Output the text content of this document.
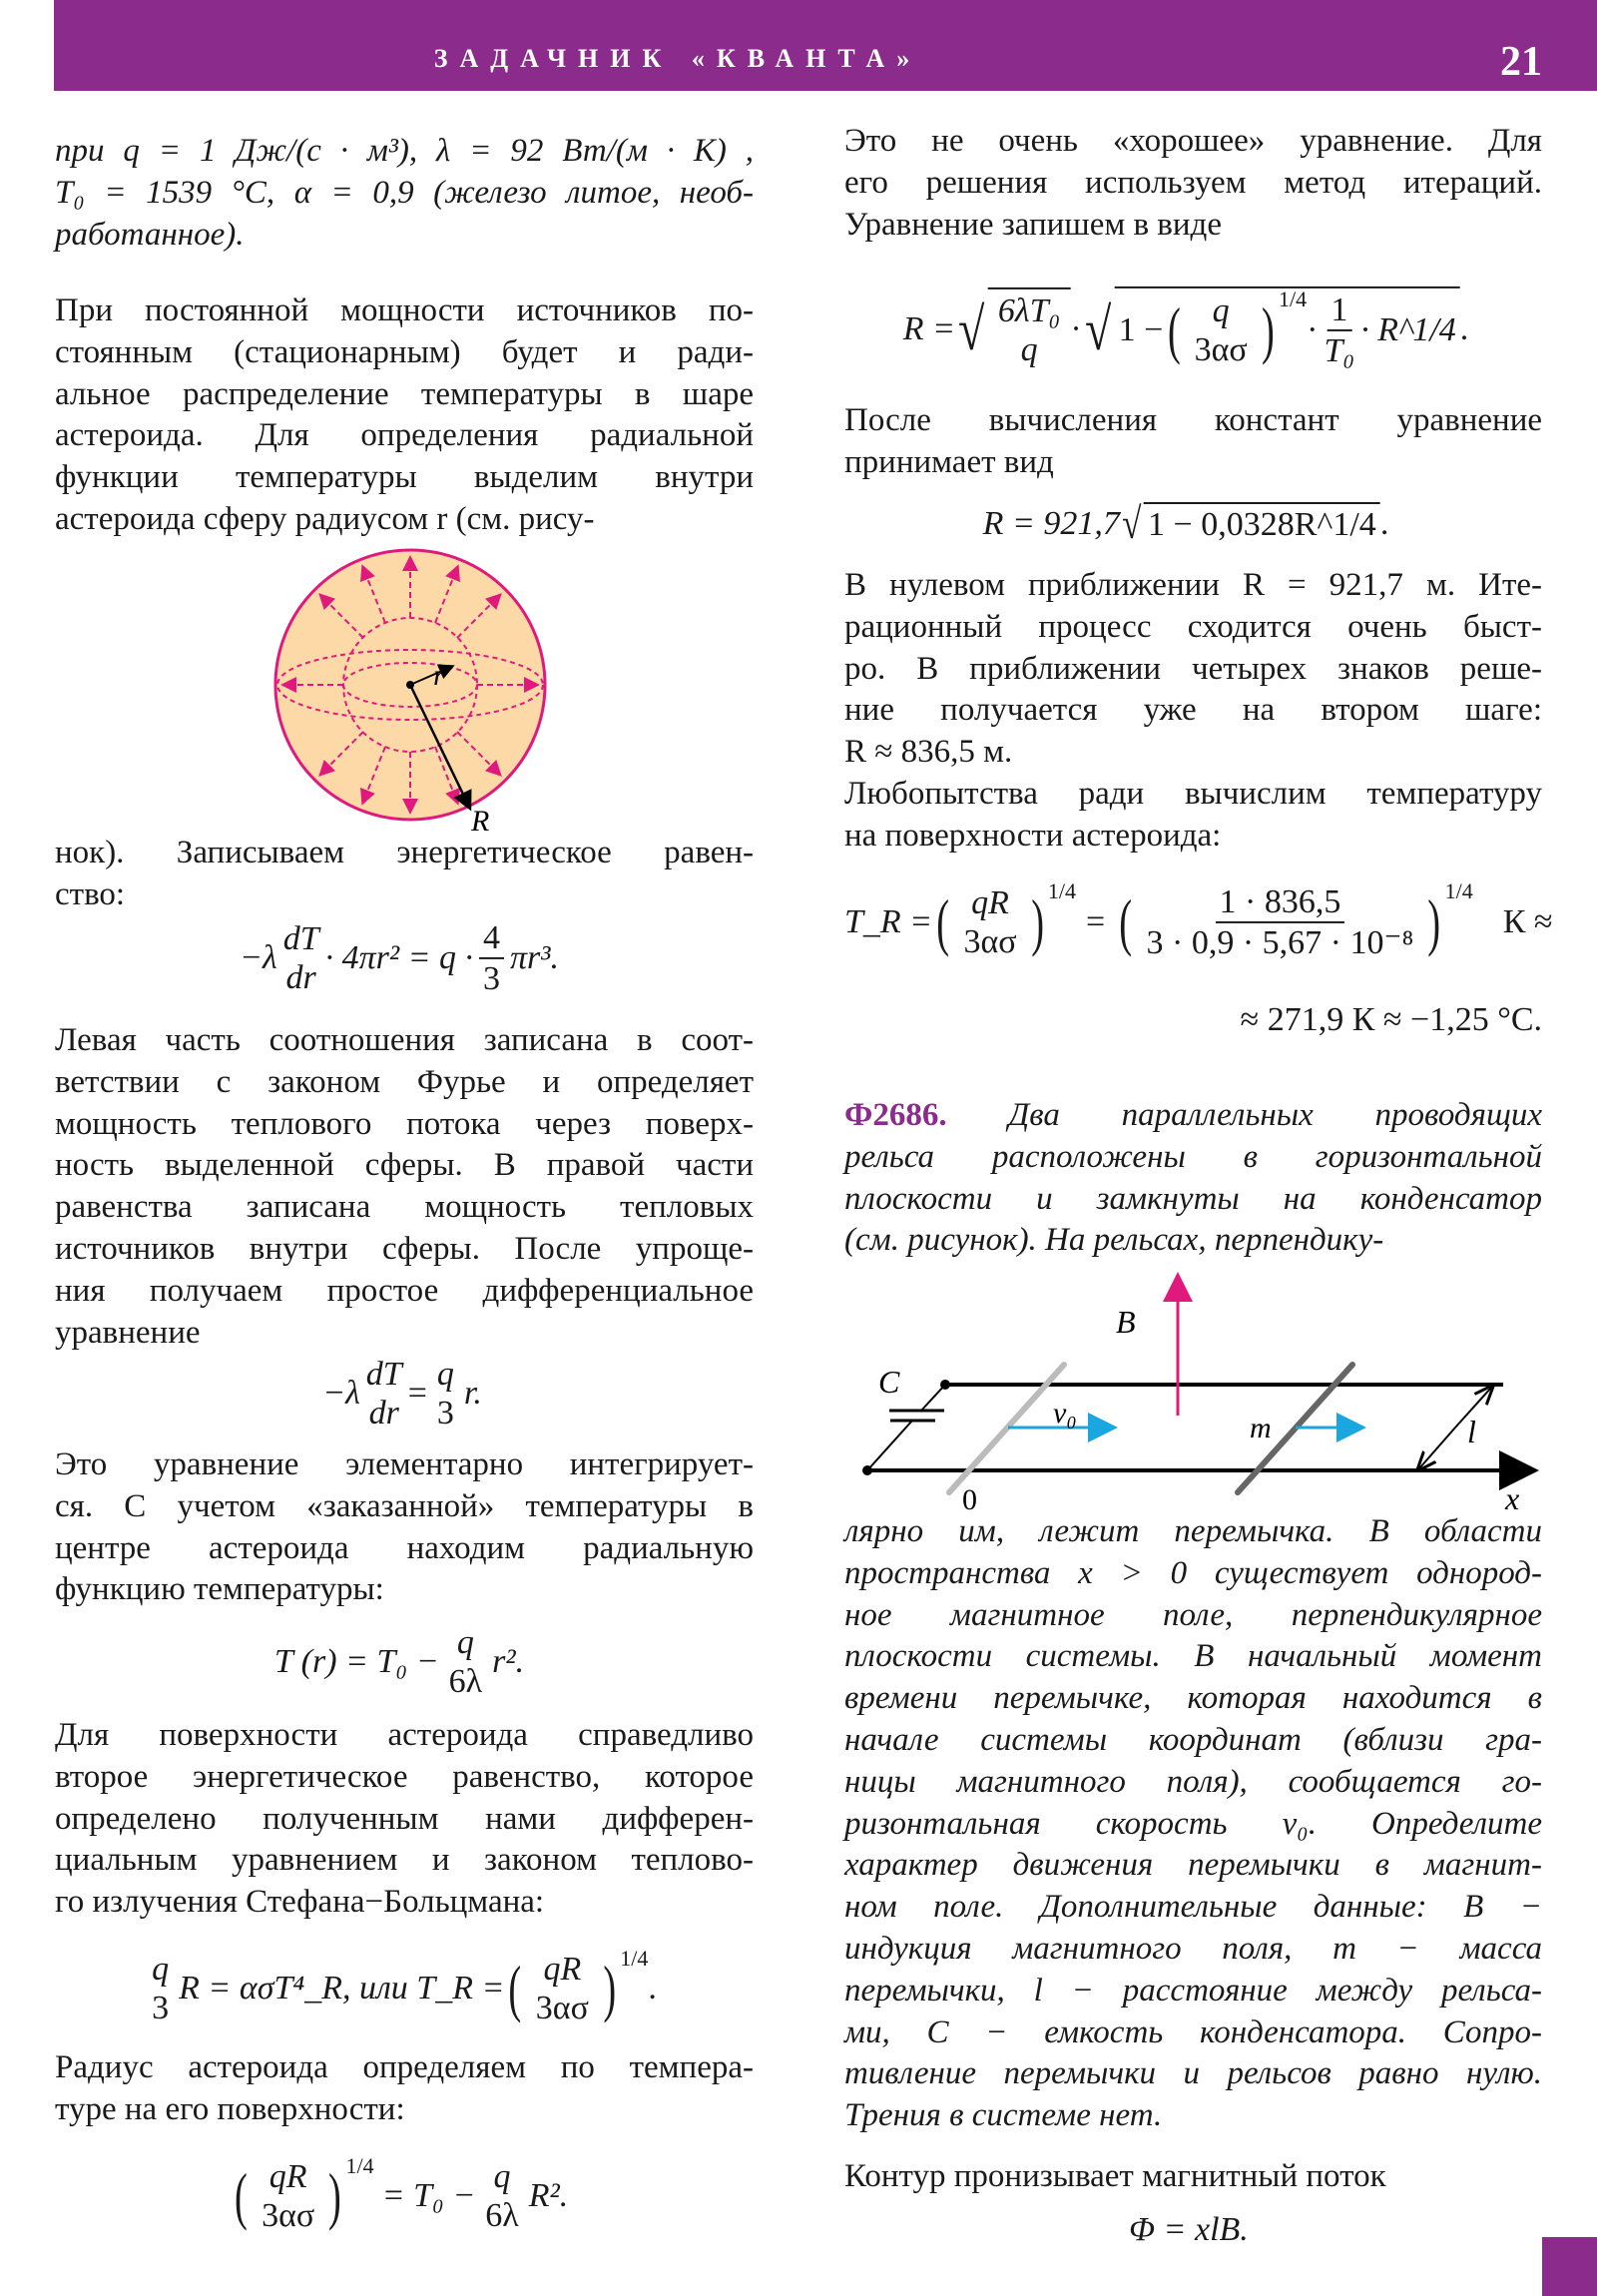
ЗАДАЧНИК «КВАНТА»	21
при q = 1 Дж/(с · м³), λ = 92 Вт/(м · К) ,
T₀ = 1539 °C, α = 0,9 (железо литое, необ-
работанное).
При постоянной мощности источников по-
стоянным (стационарным) будет и ради-
альное распределение температуры в шаре
астероида. Для определения радиальной
функции температуры выделим внутри
астероида сферу радиусом r (см. рису-
r
R
нок). Записываем энергетическое равен-
ство:
−λ
dT
dr
· $4\pi r^2 = q \cdot \frac{4}{3} \pi r^3$.
Левая часть соотношения записана в соот-
ветствии с законом Фурье и определяет
мощность теплового потока через поверх-
ность выделенной сферы. В правой части
равенства записана мощность тепловых
источников внутри сферы. После упроще-
ния получаем простое дифференциальное
уравнение
−λ
dT
dr
=
q
3
r.
Это уравнение элементарно интегрирует-
ся. С учетом «заказанной» температуры в
центре астероида находим радиальную
функцию температуры:
T (r) = T₀ −
q
6λ
r².
Для поверхности астероида справедливо
второе энергетическое равенство, которое
определено полученным нами дифферен-
циальным уравнением и законом теплово-
го излучения Стефана−Больцмана:
q
3
R = ασT⁴_R, или T_R = ( qR
3ασ )$^{1/4}$
.
Радиус астероида определяем по темпера-
туре на его поверхности:
( qR
3ασ )$^{1/4}$
= T₀ −
q
6λ
R².
Это не очень «хорошее» уравнение. Для
его решения используем метод итераций.
Уравнение запишем в виде
R = √ 6λT₀
q
· √ 1 − ( q
3ασ )$^{1/4}$
· $\frac{1}{\text{T₀}}$ · R^1/4 .
После вычисления констант уравнение
принимает вид
R = 921,7 √ 1 − 0,0328R^1/4 .
В нулевом приближении R = 921,7 м. Ите-
рационный процесс сходится очень быст-
ро. В приближении четырех знаков реше-
ние получается уже на втором шаге:
R ≈ 836,5 м.
Любопытства ради вычислим температуру
на поверхности астероида:
T_R = ( qR
3ασ )$^{1/4}$
= ( $\frac{1 \cdot 836,5}{\text{3 · 0,9 · 5,67 · 10⁻⁸}} )^{1/4}$
К ≈
≈ 271,9 К ≈ −1,25 °С.
Ф2686. Два параллельных проводящих
рельса расположены в горизонтальной
плоскости и замкнуты на конденсатор
(см. рисунок). На рельсах, перпендику-
B
C
v₀	m	l
x
0
лярно им, лежит перемычка. В области
пространства x > 0 существует однород-
ное магнитное поле, перпендикулярное
плоскости системы. В начальный момент
времени перемычке, которая находится в
начале системы координат (вблизи гра-
ницы магнитного поля), сообщается го-
ризонтальная скорость v₀. Определите
характер движения перемычки в магнит-
ном поле. Дополнительные данные: B −
индукция магнитного поля, m − масса
перемычки, l − расстояние между рельса-
ми, C − емкость конденсатора. Сопро-
тивление перемычки и рельсов равно нулю.
Трения в системе нет.
Контур пронизывает магнитный поток
Φ = xlB.
